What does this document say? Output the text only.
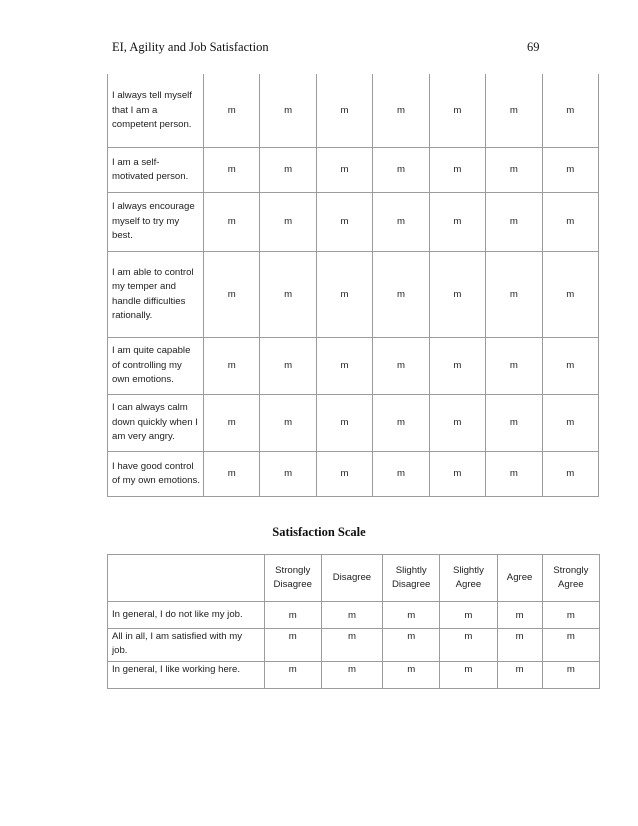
EI, Agility and Job Satisfaction	69
I always tell myself that I am a competent person.	m	m	m	m	m	m	m
I am a self-motivated person.	m	m	m	m	m	m	m
I always encourage myself to try my best.	m	m	m	m	m	m	m
I am able to control my temper and handle difficulties rationally.	m	m	m	m	m	m	m
I am quite capable of controlling my own emotions.	m	m	m	m	m	m	m
I can always calm down quickly when I am very angry.	m	m	m	m	m	m	m
I have good control of my own emotions.	m	m	m	m	m	m	m
Satisfaction Scale
	Strongly Disagree	Disagree	Slightly Disagree	Slightly Agree	Agree	Strongly Agree
In general, I do not like my job.	m	m	m	m	m	m
All in all, I am satisfied with my job.	m	m	m	m	m	m
In general, I like working here.	m	m	m	m	m	m
